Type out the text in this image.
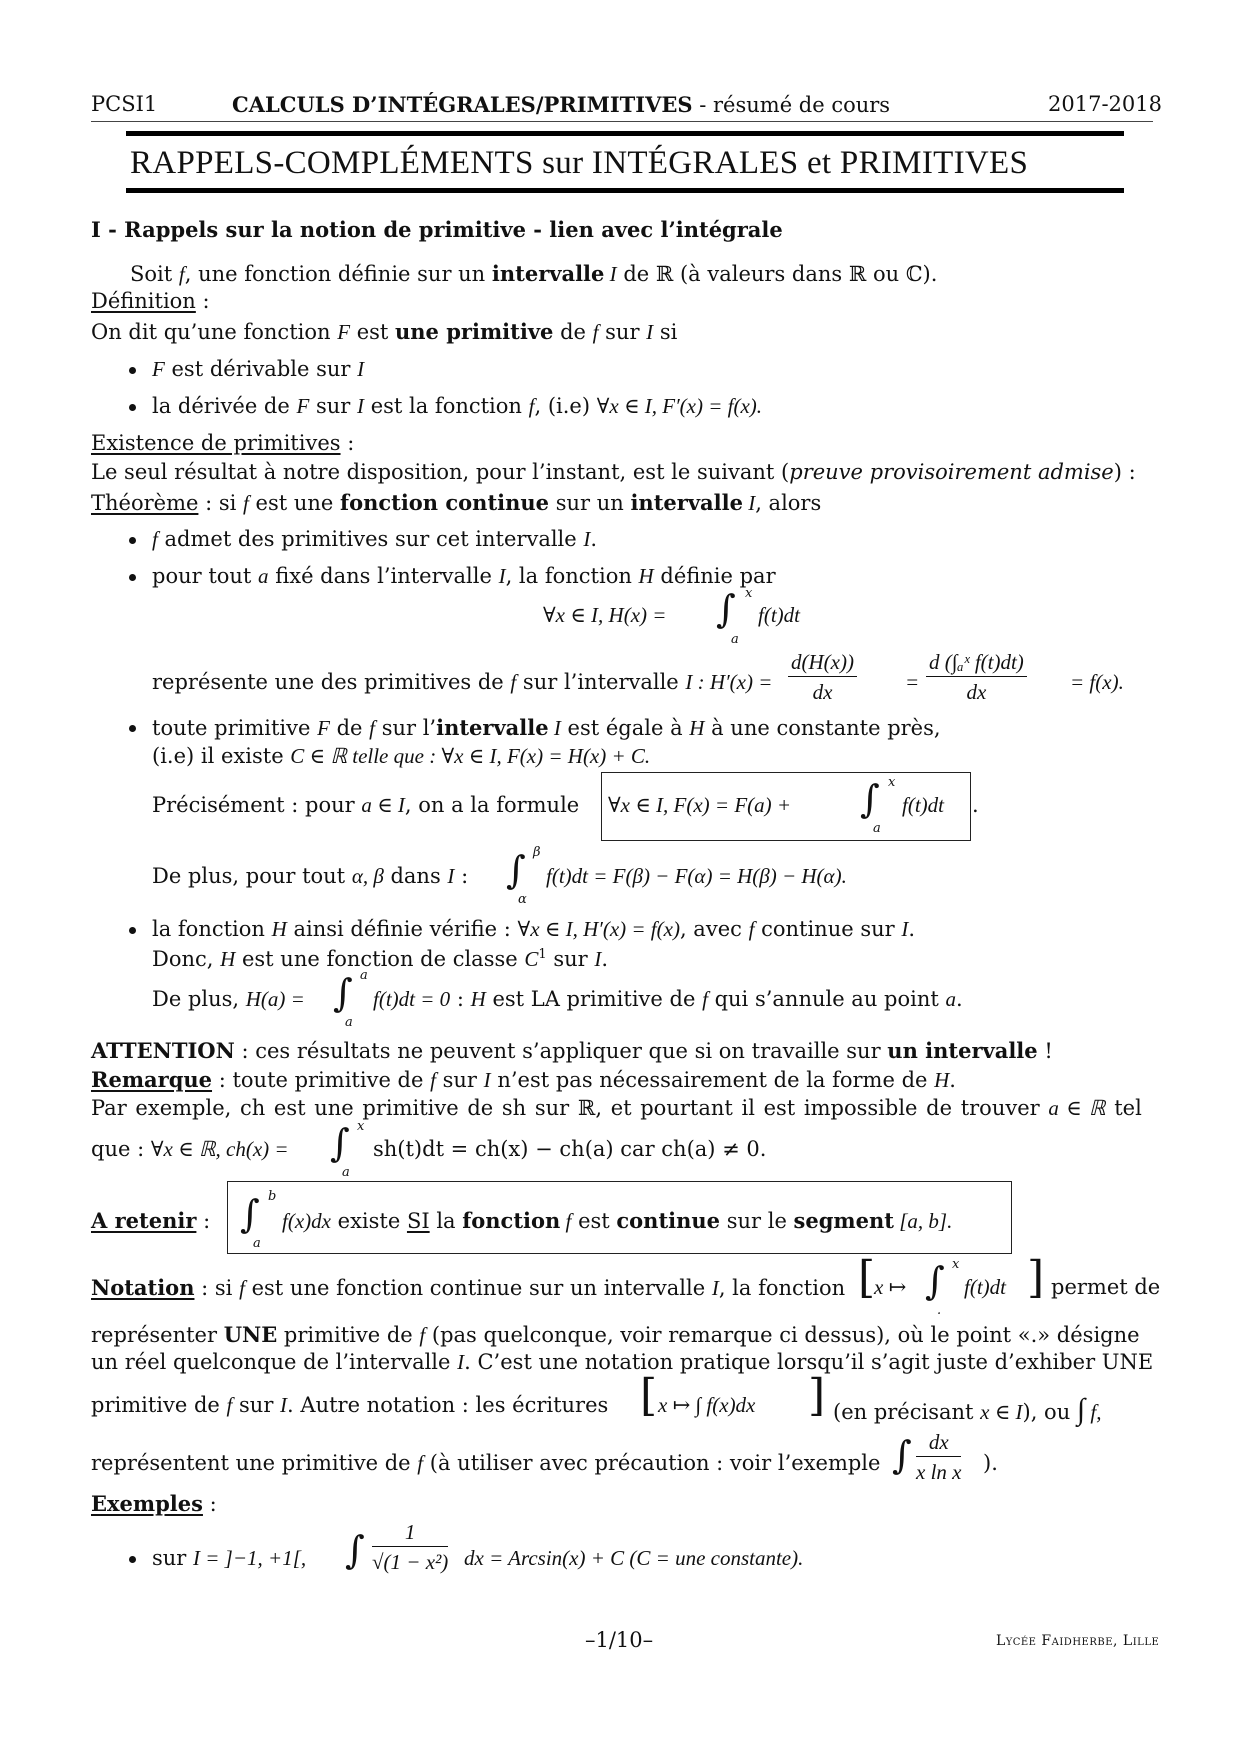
PCSI1	CALCULS D’INTÉGRALES/PRIMITIVES - résumé de cours	2017-2018
RAPPELS-COMPLÉMENTS sur INTÉGRALES et PRIMITIVES
I - Rappels sur la notion de primitive - lien avec l’intégrale
Soit f, une fonction définie sur un intervalle I de ℝ (à valeurs dans ℝ ou ℂ).
Définition :
On dit qu’une fonction F est une primitive de f sur I si
F est dérivable sur I
la dérivée de F sur I est la fonction f, (i.e) ∀x ∈ I, F′(x) = f(x).
Existence de primitives :
Le seul résultat à notre disposition, pour l’instant, est le suivant (preuve provisoirement admise) :
Théorème : si f est une fonction continue sur un intervalle I, alors
f admet des primitives sur cet intervalle I.
pour tout a fixé dans l’intervalle I, la fonction H définie par
∀x ∈ I, H(x) = ∫ x
a
f(t)dt
représente une des primitives de f sur l’intervalle I : $H'(x) = \frac{d(H(x))}{dx} = \frac{\text{d (∫ₐˣ f(t)dt)}}{dx} = f(x)$.
toute primitive F de f sur l’intervalle I est égale à H à une constante près,
(i.e) il existe C ∈ ℝ telle que : ∀x ∈ I, F(x) = H(x) + C.
Précisément : pour a ∈ I, on a la formule ∀x ∈ I, F(x) = F(a) + ∫ x
a
f(t)dt .
De plus, pour tout α, β dans I : ∫ β
α
f(t)dt = F(β) − F(α) = H(β) − H(α).
la fonction H ainsi définie vérifie : ∀x ∈ I, H′(x) = f(x), avec f continue sur I.
Donc, H est une fonction de classe $C^1$ sur I.
De plus, H(a) = ∫ a
a
f(t)dt = 0 : H est LA primitive de f qui s’annule au point a.
ATTENTION : ces résultats ne peuvent s’appliquer que si on travaille sur un intervalle !
Remarque : toute primitive de f sur I n’est pas nécessairement de la forme de H.
Par exemple, ch est une primitive de sh sur ℝ, et pourtant il est impossible de trouver a ∈ ℝ tel
que : ∀x ∈ ℝ, ch(x) = ∫ x
a
sh(t)dt = ch(x) − ch(a) car ch(a) ≠ 0.
A retenir : ∫ b
a
f(x)dx existe SI la fonction f est continue sur le segment [a, b].
Notation : si f est une fonction continue sur un intervalle I, la fonction [
x ↦ ∫ x
.
f(t)dt ] permet de
représenter UNE primitive de f (pas quelconque, voir remarque ci dessus), où le point «.» désigne
un réel quelconque de l’intervalle I. C’est une notation pratique lorsqu’il s’agit juste d’exhiber UNE
primitive de f sur I. Autre notation : les écritures [ x ↦ ∫ f(x)dx ] (en précisant x ∈ I), ou ∫ f,
représentent une primitive de f (à utiliser avec précaution : voir l’exemple ∫ $\frac{dx}{\text{x ln x}}$ ).
Exemples :
sur I = ]−1, +1[, ∫ $\frac{1}{\text{√(1 − x²)}}$ dx = Arcsin(x) + C (C = une constante).
–1/10–	Lycée Faidherbe, Lille
